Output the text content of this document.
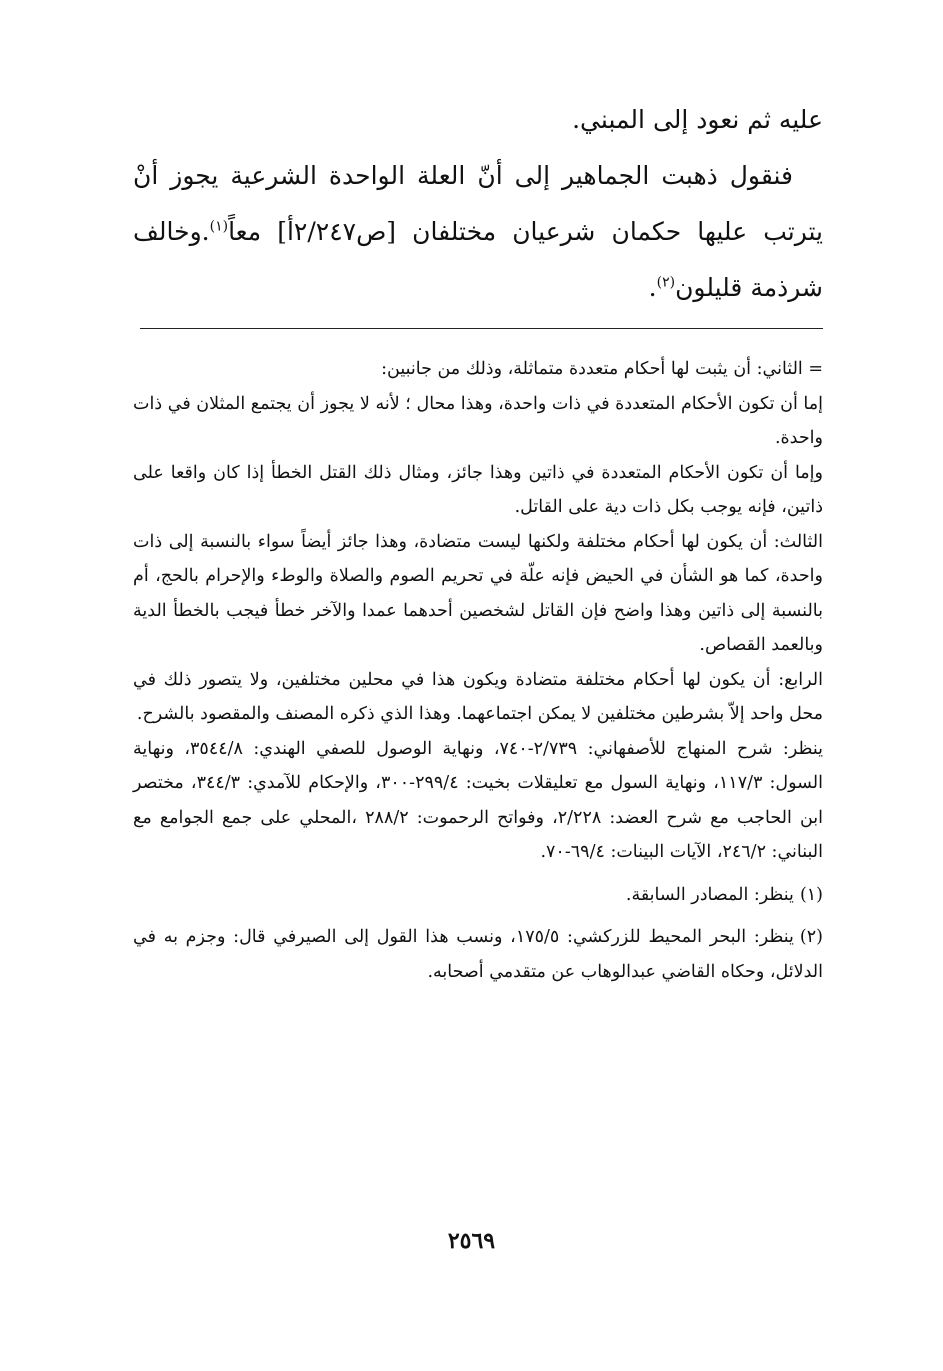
عليه ثم نعود إلى المبني.

فنقول ذهبت الجماهير إلى أنّ العلة الواحدة الشرعية يجوز أنْ يترتب عليها حكمان شرعيان مختلفان [ص٢/٢٤٧أ] معاً$^{(١)}$.وخالف شرذمة قليلون$^{(٢)}$.

= الثاني: أن يثبت لها أحكام متعددة متماثلة، وذلك من جانبين:

إما أن تكون الأحكام المتعددة في ذات واحدة، وهذا محال ؛ لأنه لا يجوز أن يجتمع المثلان في ذات واحدة.

وإما أن تكون الأحكام المتعددة في ذاتين وهذا جائز، ومثال ذلك القتل الخطأ إذا كان واقعا على ذاتين، فإنه يوجب بكل ذات دية على القاتل.

الثالث: أن يكون لها أحكام مختلفة ولكنها ليست متضادة، وهذا جائز أيضاً سواء بالنسبة إلى ذات واحدة، كما هو الشأن في الحيض فإنه علّة في تحريم الصوم والصلاة والوطء والإحرام بالحج، أم بالنسبة إلى ذاتين وهذا واضح فإن القاتل لشخصين أحدهما عمدا والآخر خطأ فيجب بالخطأ الدية وبالعمد القصاص.

الرابع: أن يكون لها أحكام مختلفة متضادة ويكون هذا في محلين مختلفين، ولا يتصور ذلك في محل واحد إلاّ بشرطين مختلفين لا يمكن اجتماعهما. وهذا الذي ذكره المصنف والمقصود بالشرح.

ينظر: شرح المنهاج للأصفهاني: ٢/٧٣٩-٧٤٠، ونهاية الوصول للصفي الهندي: ٣٥٤٤/٨، ونهاية السول: ١١٧/٣، ونهاية السول مع تعليقلات بخيت: ٢٩٩/٤-٣٠٠، والإحكام للآمدي: ٣٤٤/٣، مختصر ابن الحاجب مع شرح العضد: ٢/٢٢٨، وفواتح الرحموت: ٢٨٨/٢ ،المحلي على جمع الجوامع مع البناني: ٢٤٦/٢، الآيات البينات: ٦٩/٤-٧٠.

(١)ينظر: المصادر السابقة.

(٢)ينظر: البحر المحيط للزركشي: ١٧٥/٥، ونسب هذا القول إلى الصيرفي قال: وجزم به في الدلائل، وحكاه القاضي عبدالوهاب عن متقدمي أصحابه.

٢٥٦٩
